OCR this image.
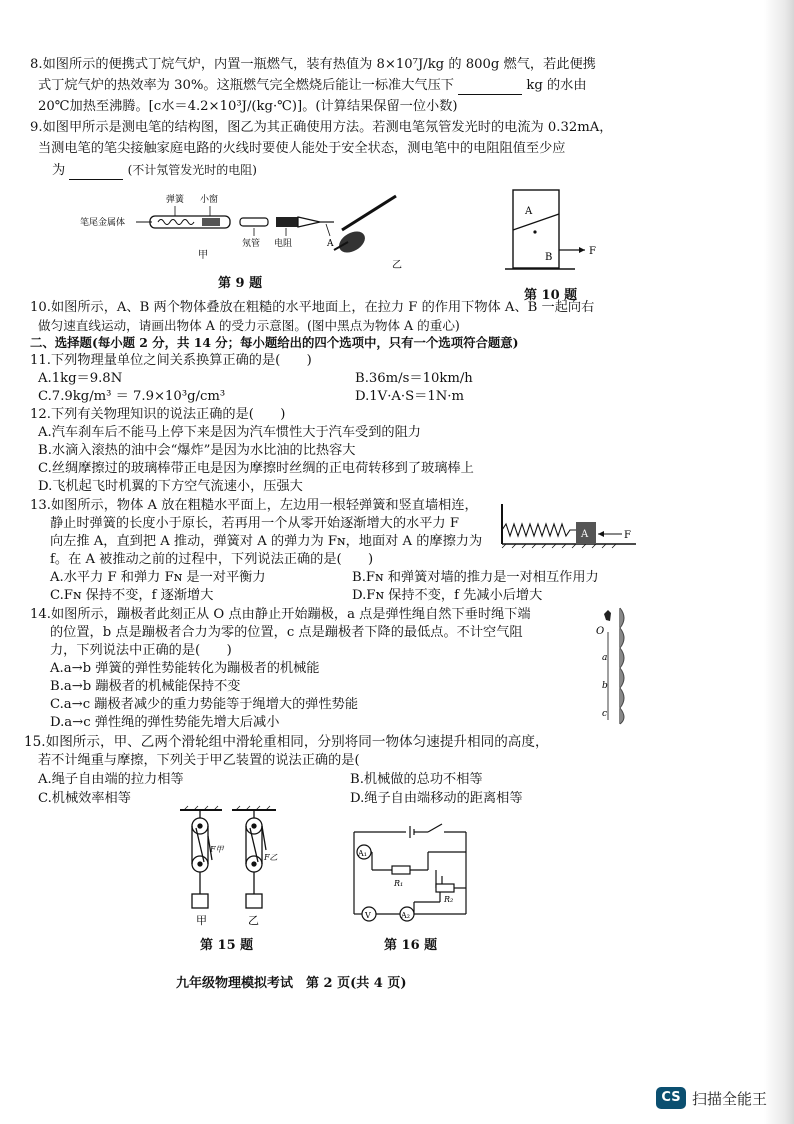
8.如图所示的便携式丁烷气炉，内置一瓶燃气，装有热值为 8×10⁷J/kg 的 800g 燃气，若此便携
式丁烷气炉的热效率为 30%。这瓶燃气完全燃烧后能让一标准大气压下	kg 的水由
20℃加热至沸腾。[c水＝4.2×10³J/(kg·℃)]。(计算结果保留一位小数)
9.如图甲所示是测电笔的结构图，图乙为其正确使用方法。若测电笔氖管发光时的电流为 0.32mA，
当测电笔的笔尖接触家庭电路的火线时要使人能处于安全状态，测电笔中的电阻阻值至少应
为	(不计氖管发光时的电阻)
弹簧 小窗
笔尾金属体
氖管 电阻	A
甲
乙
第 9 题
A
B
F
第 10 题
10.如图所示，A、B 两个物体叠放在粗糙的水平地面上，在拉力 F 的作用下物体 A、B 一起向右
做匀速直线运动，请画出物体 A 的受力示意图。(图中黑点为物体 A 的重心)
二、选择题(每小题 2 分，共 14 分；每小题给出的四个选项中，只有一个选项符合题意)
11.下列物理量单位之间关系换算正确的是(　　)
A.1kg＝9.8N	B.36m/s＝10km/h
C.7.9kg/m³ ＝ 7.9×10³g/cm³	D.1V·A·S＝1N·m
12.下列有关物理知识的说法正确的是(　　)
A.汽车刹车后不能马上停下来是因为汽车惯性大于汽车受到的阻力
B.水滴入滚热的油中会“爆炸”是因为水比油的比热容大
C.丝绸摩擦过的玻璃棒带正电是因为摩擦时丝绸的正电荷转移到了玻璃棒上
D.飞机起飞时机翼的下方空气流速小，压强大
13.如图所示，物体 A 放在粗糙水平面上，左边用一根轻弹簧和竖直墙相连，
静止时弹簧的长度小于原长，若再用一个从零开始逐渐增大的水平力 F
向左推 A，直到把 A 推动，弹簧对 A 的弹力为 Fɴ，地面对 A 的摩擦力为
f。在 A 被推动之前的过程中，下列说法正确的是(　　)
A.水平力 F 和弹力 Fɴ 是一对平衡力	B.Fɴ 和弹簧对墙的推力是一对相互作用力
C.Fɴ 保持不变，f 逐渐增大	D.Fɴ 保持不变，f 先减小后增大
A	F
14.如图所示，蹦极者此刻正从 O 点由静止开始蹦极，a 点是弹性绳自然下垂时绳下端
的位置，b 点是蹦极者合力为零的位置，c 点是蹦极者下降的最低点。不计空气阻
力，下列说法中正确的是(　　)
A.a→b 弹簧的弹性势能转化为蹦极者的机械能
B.a→b 蹦极者的机械能保持不变
C.a→c 蹦极者减少的重力势能等于绳增大的弹性势能
D.a→c 弹性绳的弹性势能先增大后减小
O
a
b
c
15.如图所示，甲、乙两个滑轮组中滑轮重相同，分别将同一物体匀速提升相同的高度，
若不计绳重与摩擦，下列关于甲乙装置的说法正确的是(
A.绳子自由端的拉力相等	B.机械做的总功不相等
C.机械效率相等	D.绳子自由端移动的距离相等
F甲
甲
F乙
乙
第 15 题
A₁
R₁
R₂
V	A₂
第 16 题
九年级物理模拟考试　第 2 页(共 4 页)
CS 扫描全能王
